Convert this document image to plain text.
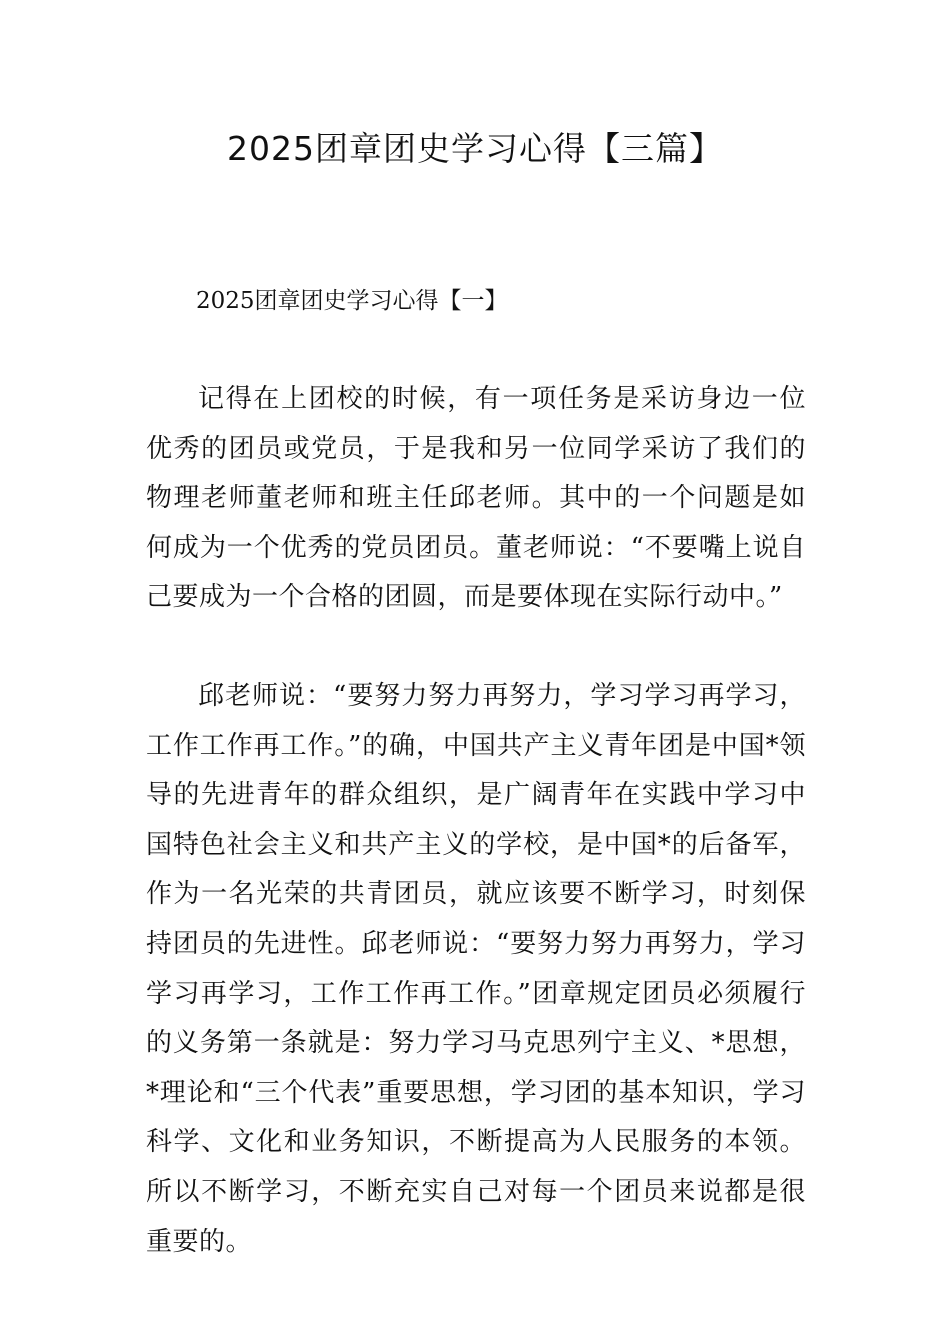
2025团章团史学习心得【三篇】
2025团章团史学习心得【一】

记得在上团校的时候，有一项任务是采访身边一位优秀的团员或党员，于是我和另一位同学采访了我们的物理老师董老师和班主任邱老师。其中的一个问题是如何成为一个优秀的党员团员。董老师说：“不要嘴上说自己要成为一个合格的团圆，而是要体现在实际行动中。”

邱老师说：“要努力努力再努力，学习学习再学习，工作工作再工作。”的确，中国共产主义青年团是中国*领导的先进青年的群众组织，是广阔青年在实践中学习中国特色社会主义和共产主义的学校，是中国*的后备军，作为一名光荣的共青团员，就应该要不断学习，时刻保持团员的先进性。邱老师说：“要努力努力再努力，学习学习再学习，工作工作再工作。”团章规定团员必须履行的义务第一条就是：努力学习马克思列宁主义、*思想，*理论和“三个代表”重要思想，学习团的基本知识，学习科学、文化和业务知识，不断提高为人民服务的本领。所以不断学习，不断充实自己对每一个团员来说都是很重要的。
